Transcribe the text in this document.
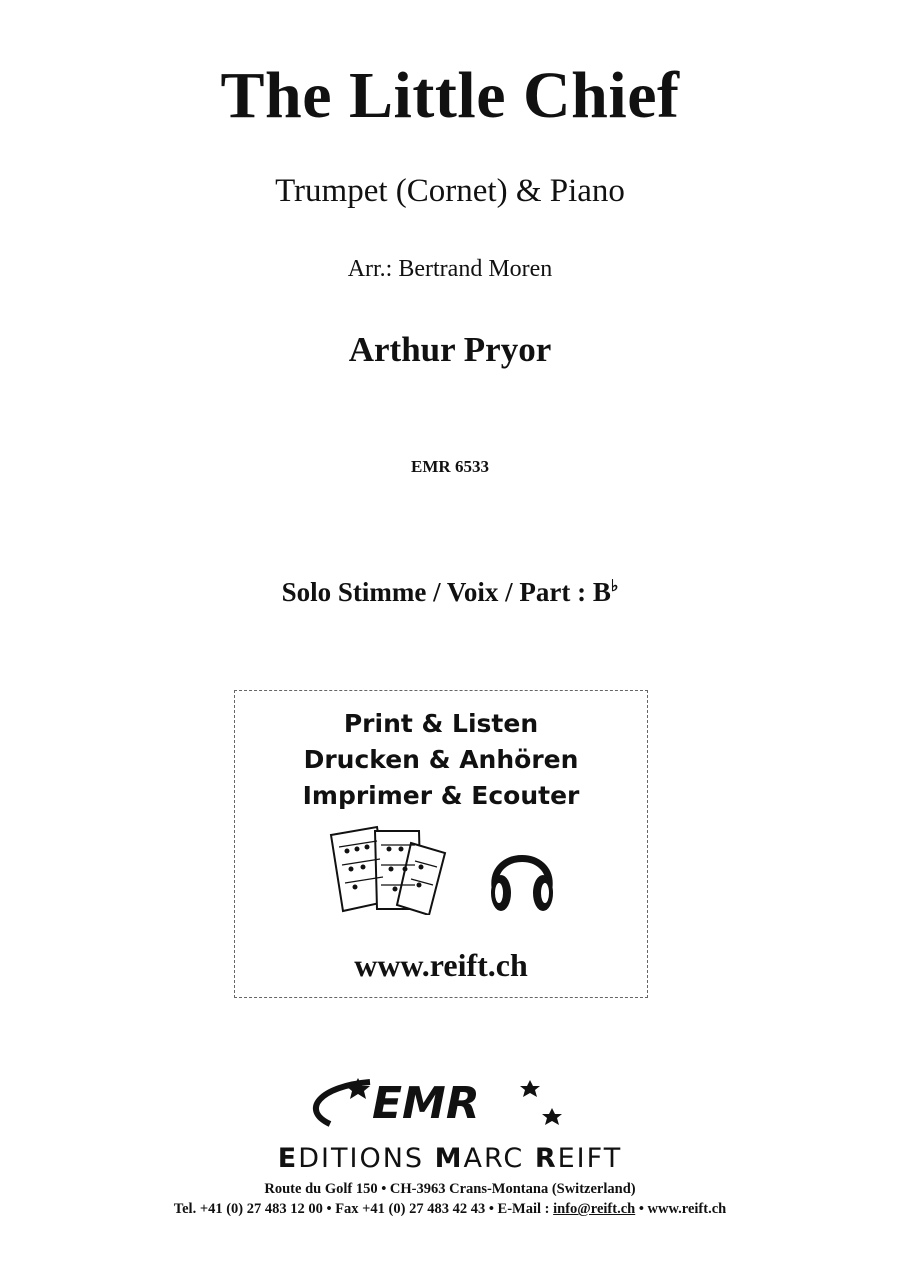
The Little Chief
Trumpet (Cornet) & Piano
Arr.: Bertrand Moren
Arthur Pryor
EMR 6533
Solo Stimme / Voix / Part : B♭
Print & Listen
Drucken & Anhören
Imprimer & Ecouter
www.reift.ch
EMR
EDITIONS MARC REIFT
Route du Golf 150 • CH-3963 Crans-Montana (Switzerland)
Tel. +41 (0) 27 483 12 00 • Fax +41 (0) 27 483 42 43 • E-Mail : info@reift.ch • www.reift.ch
